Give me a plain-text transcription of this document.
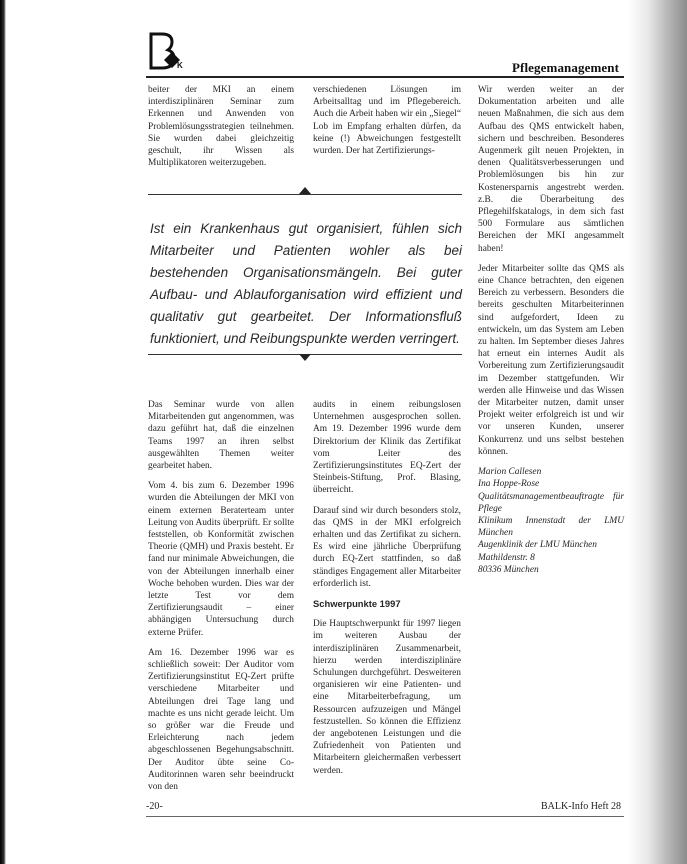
K	Pflegemanagement

beiter der MKI an einem interdisziplinären Seminar zum Erkennen und Anwenden von Problemlösungsstrategien teilnehmen. Sie wurden dabei gleichzeitig geschult, ihr Wissen als Multiplikatoren weiterzugeben.

verschiedenen Lösungen im Arbeitsalltag und im Pflegebereich. Auch die Arbeit haben wir ein „Siegel“ Lob im Empfang erhalten dürfen, da keine (!) Abweichungen festgestellt wurden. Der hat Zertifizierungs-

Ist ein Krankenhaus gut organisiert, fühlen sich Mitarbeiter und Patienten wohler als bei bestehenden Organisationsmängeln. Bei guter Aufbau- und Ablauforganisation wird effizient und qualitativ gut gearbeitet. Der Informationsfluß funktioniert, und Reibungspunkte werden verringert.

Wir werden weiter an der Dokumentation arbeiten und alle neuen Maßnahmen, die sich aus dem Aufbau des QMS entwickelt haben, sichern und beschreiben. Besonderes Augenmerk gilt neuen Projekten, in denen Qualitätsverbesserungen und Problemlösungen bis hin zur Kostenersparnis angestrebt werden. z.B. die Überarbeitung des Pflegehilfskatalogs, in dem sich fast 500 Formulare aus sämtlichen Bereichen der MKI angesammelt haben!

Jeder Mitarbeiter sollte das QMS als eine Chance betrachten, den eigenen Bereich zu verbessern. Besonders die bereits geschulten Mitarbeiterinnen sind aufgefordert, Ideen zu entwickeln, um das System am Leben zu halten. Im September dieses Jahres hat erneut ein internes Audit als Vorbereitung zum Zertifizierungsaudit im Dezember stattgefunden. Wir werden alle Hinweise und das Wissen der Mitarbeiter nutzen, damit unser Projekt weiter erfolgreich ist und wir vor unseren Kunden, unserer Konkurrenz und uns selbst bestehen können.

Marion Callesen
Ina Hoppe-Rose
Qualitätsmanagementbeauftragte für Pflege
Klinikum Innenstadt der LMU München
Augenklinik der LMU München
Mathildenstr. 8
80336 München

Das Seminar wurde von allen Mitarbeitenden gut angenommen, was dazu geführt hat, daß die einzelnen Teams 1997 an ihren selbst ausgewählten Themen weiter gearbeitet haben.

Vom 4. bis zum 6. Dezember 1996 wurden die Abteilungen der MKI von einem externen Beraterteam unter Leitung von Audits überprüft. Er sollte feststellen, ob Konformität zwischen Theorie (QMH) und Praxis besteht. Er fand nur minimale Abweichungen, die von der Abteilungen innerhalb einer Woche behoben wurden. Dies war der letzte Test vor dem Zertifizierungsaudit – einer abhängigen Untersuchung durch externe Prüfer.

Am 16. Dezember 1996 war es schließlich soweit: Der Auditor vom Zertifizierungsinstitut EQ-Zert prüfte verschiedene Mitarbeiter und Abteilungen drei Tage lang und machte es uns nicht gerade leicht. Um so größer war die Freude und Erleichterung nach jedem abgeschlossenen Begehungsabschnitt. Der Auditor übte seine Co-Auditorinnen waren sehr beeindruckt von den

audits in einem reibungslosen Unternehmen ausgesprochen sollen. Am 19. Dezember 1996 wurde dem Direktorium der Klinik das Zertifikat vom Leiter des Zertifizierungsinstitutes EQ-Zert der Steinbeis-Stiftung, Prof. Blasing, überreicht.

Darauf sind wir durch besonders stolz, das QMS in der MKI erfolgreich erhalten und das Zertifikat zu sichern. Es wird eine jährliche Überprüfung durch EQ-Zert stattfinden, so daß ständiges Engagement aller Mitarbeiter erforderlich ist.

Schwerpunkte 1997

Die Hauptschwerpunkt für 1997 liegen im weiteren Ausbau der interdisziplinären Zusammenarbeit, hierzu werden interdisziplinäre Schulungen durchgeführt. Desweiteren organisieren wir eine Patienten- und eine Mitarbeiterbefragung, um Ressourcen aufzuzeigen und Mängel festzustellen. So können die Effizienz der angebotenen Leistungen und die Zufriedenheit von Patienten und Mitarbeitern gleichermaßen verbessert werden.

-20-	BALK-Info Heft 28
